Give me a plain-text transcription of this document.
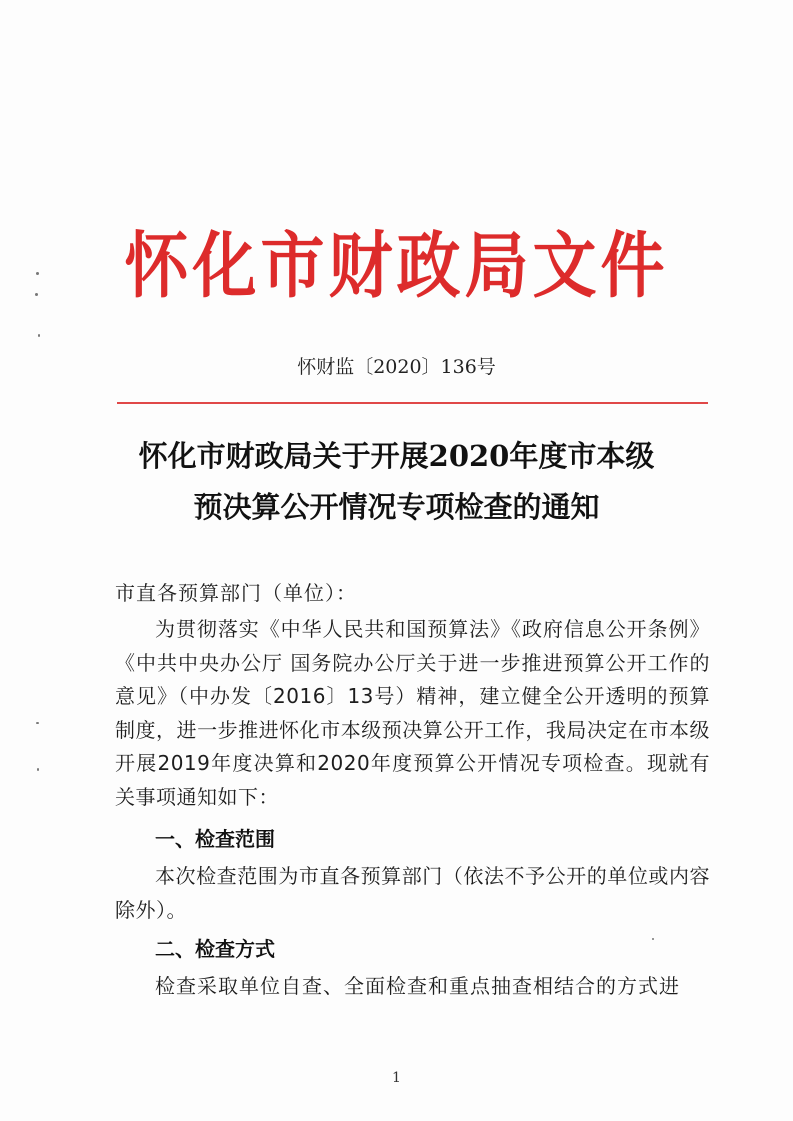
怀化市财政局文件
怀财监〔2020〕136号
怀化市财政局关于开展2020年度市本级
预决算公开情况专项检查的通知
市直各预算部门（单位）：
为贯彻落实《中华人民共和国预算法》《政府信息公开条例》《中共中央办公厅 国务院办公厅关于进一步推进预算公开工作的意见》（中办发〔2016〕13号）精神，建立健全公开透明的预算制度，进一步推进怀化市本级预决算公开工作，我局决定在市本级开展2019年度决算和2020年度预算公开情况专项检查。现就有关事项通知如下：
一、检查范围
本次检查范围为市直各预算部门（依法不予公开的单位或内容除外）。
二、检查方式
检查采取单位自查、全面检查和重点抽查相结合的方式进
1
